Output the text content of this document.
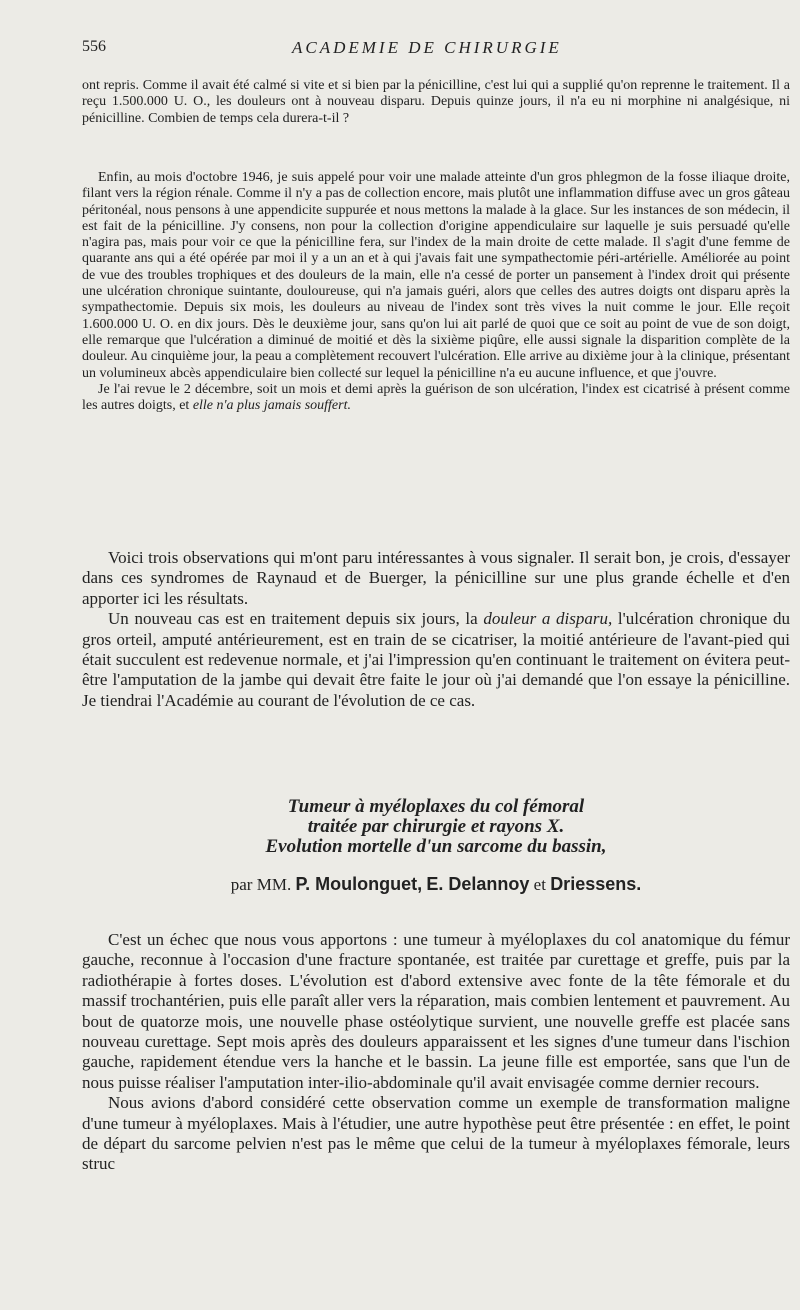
556	ACADEMIE DE CHIRURGIE

ont repris. Comme il avait été calmé si vite et si bien par la pénicilline, c'est lui qui a supplié qu'on reprenne le traitement. Il a reçu 1.500.000 U. O., les douleurs ont à nouveau disparu. Depuis quinze jours, il n'a eu ni morphine ni analgésique, ni pénicilline. Combien de temps cela durera-t-il ?

Enfin, au mois d'octobre 1946, je suis appelé pour voir une malade atteinte d'un gros phlegmon de la fosse iliaque droite, filant vers la région rénale. Comme il n'y a pas de collection encore, mais plutôt une inflammation diffuse avec un gros gâteau péritonéal, nous pensons à une appendicite suppurée et nous mettons la malade à la glace. Sur les instances de son médecin, il est fait de la pénicilline. J'y consens, non pour la collection d'origine appendiculaire sur laquelle je suis persuadé qu'elle n'agira pas, mais pour voir ce que la pénicilline fera, sur l'index de la main droite de cette malade. Il s'agit d'une femme de quarante ans qui a été opérée par moi il y a un an et à qui j'avais fait une sympathectomie péri-artérielle. Améliorée au point de vue des troubles trophiques et des douleurs de la main, elle n'a cessé de porter un pansement à l'index droit qui présente une ulcération chronique suintante, douloureuse, qui n'a jamais guéri, alors que celles des autres doigts ont disparu après la sympathectomie. Depuis six mois, les douleurs au niveau de l'index sont très vives la nuit comme le jour. Elle reçoit 1.600.000 U. O. en dix jours. Dès le deuxième jour, sans qu'on lui ait parlé de quoi que ce soit au point de vue de son doigt, elle remarque que l'ulcération a diminué de moitié et dès la sixième piqûre, elle aussi signale la disparition complète de la douleur. Au cinquième jour, la peau a complètement recouvert l'ulcération. Elle arrive au dixième jour à la clinique, présentant un volumineux abcès appendiculaire bien collecté sur lequel la pénicilline n'a eu aucune influence, et que j'ouvre.

Je l'ai revue le 2 décembre, soit un mois et demi après la guérison de son ulcération, l'index est cicatrisé à présent comme les autres doigts, et elle n'a plus jamais souffert.

Voici trois observations qui m'ont paru intéressantes à vous signaler. Il serait bon, je crois, d'essayer dans ces syndromes de Raynaud et de Buerger, la pénicilline sur une plus grande échelle et d'en apporter ici les résultats.

Un nouveau cas est en traitement depuis six jours, la douleur a disparu, l'ulcération chronique du gros orteil, amputé antérieurement, est en train de se cicatriser, la moitié antérieure de l'avant-pied qui était succulent est redevenue normale, et j'ai l'impression qu'en continuant le traitement on évitera peut-être l'amputation de la jambe qui devait être faite le jour où j'ai demandé que l'on essaye la pénicilline. Je tiendrai l'Académie au courant de l'évolution de ce cas.

Tumeur à myéloplaxes du col fémoral
traitée par chirurgie et rayons X.
Evolution mortelle d'un sarcome du bassin,
par MM. P. Moulonguet, E. Delannoy et Driessens.

C'est un échec que nous vous apportons : une tumeur à myéloplaxes du col anatomique du fémur gauche, reconnue à l'occasion d'une fracture spontanée, est traitée par curettage et greffe, puis par la radiothérapie à fortes doses. L'évolution est d'abord extensive avec fonte de la tête fémorale et du massif trochantérien, puis elle paraît aller vers la réparation, mais combien lentement et pauvrement. Au bout de quatorze mois, une nouvelle phase ostéolytique survient, une nouvelle greffe est placée sans nouveau curettage. Sept mois après des douleurs apparaissent et les signes d'une tumeur dans l'ischion gauche, rapidement étendue vers la hanche et le bassin. La jeune fille est emportée, sans que l'un de nous puisse réaliser l'amputation inter-ilio-abdominale qu'il avait envisagée comme dernier recours.

Nous avions d'abord considéré cette observation comme un exemple de transformation maligne d'une tumeur à myéloplaxes. Mais à l'étudier, une autre hypothèse peut être présentée : en effet, le point de départ du sarcome pelvien n'est pas le même que celui de la tumeur à myéloplaxes fémorale, leurs struc
